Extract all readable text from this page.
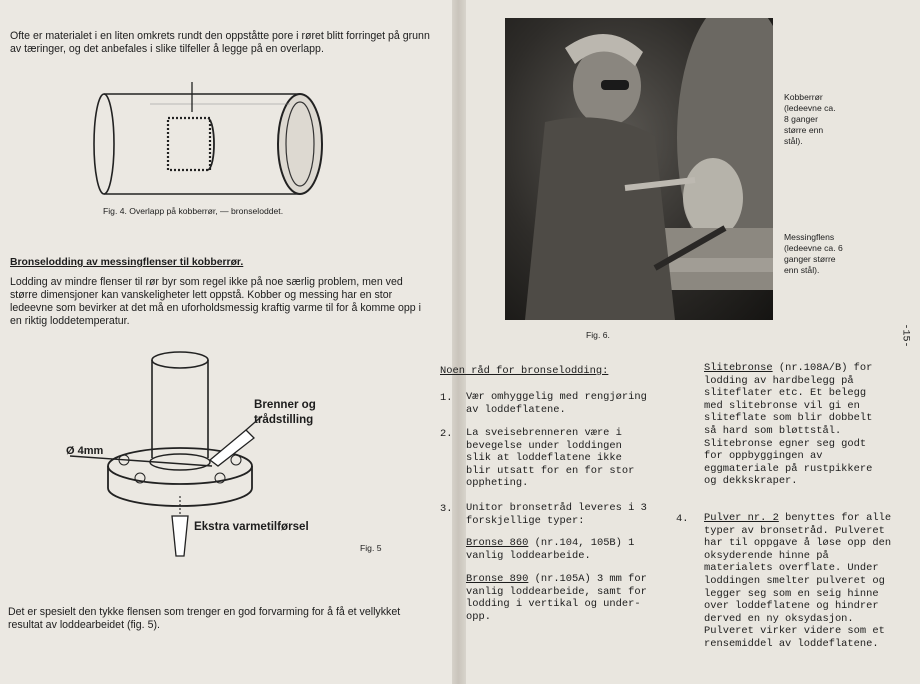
Ofte er materialet i en liten omkrets rundt den oppståtte pore i røret blitt forringet på grunn av tæringer, og det anbefales i slike tilfeller å legge på en overlapp.

Fig. 4. Overlapp på kobberrør, — bronseloddet.

Bronselodding av messingflenser til kobberrør.

Lodding av mindre flenser til rør byr som regel ikke på noe særlig problem, men ved større dimensjoner kan vanskeligheter lett oppstå. Kobber og messing har en stor ledeevne som bevirker at det må en uforholdsmessig kraftig varme til for å komme opp i en riktig loddetemperatur.

Brenner og
trådstilling
Ø 4mm
Ekstra varmetilførsel
Fig. 5

Det er spesielt den tykke flensen som trenger en god forvarming for å få et vellykket resultat av loddearbeidet (fig. 5).

Fig. 6.

Kobberrør (ledeevne ca. 8 ganger større enn stål).

Messingflens (ledeevne ca. 6 ganger større enn stål).

Noen råd for bronselodding:
1. Vær omhyggelig med rengjøring av loddeflatene.

2. La sveisebrenneren være i bevegelse under loddingen slik at loddeflatene ikke blir utsatt for en for stor oppheting.

3. Unitor bronsetråd leveres i 3 forskjellige typer:

Bronse 860 (nr.104, 105B) 1 vanlig loddearbeide.

Bronse 890 (nr.105A) 3 mm for vanlig loddearbeide, samt for lodding i vertikal og under-opp.

Slitebronse (nr.108A/B) for lodding av hardbelegg på sliteflater etc. Et belegg med slitebronse vil gi en sliteflate som blir dobbelt så hard som bløttstål. Slitebronse egner seg godt for oppbyggingen av eggmateriale på rustpikkere og dekkskraper.

4. Pulver nr. 2 benyttes for alle typer av bronsetråd. Pulveret har til oppgave å løse opp den oksyderende hinne på materialets overflate. Under loddingen smelter pulveret og legger seg som en seig hinne over loddeflatene og hindrer derved en ny oksydasjon. Pulveret virker videre som et rensemiddel av loddeflatene.

-15-
